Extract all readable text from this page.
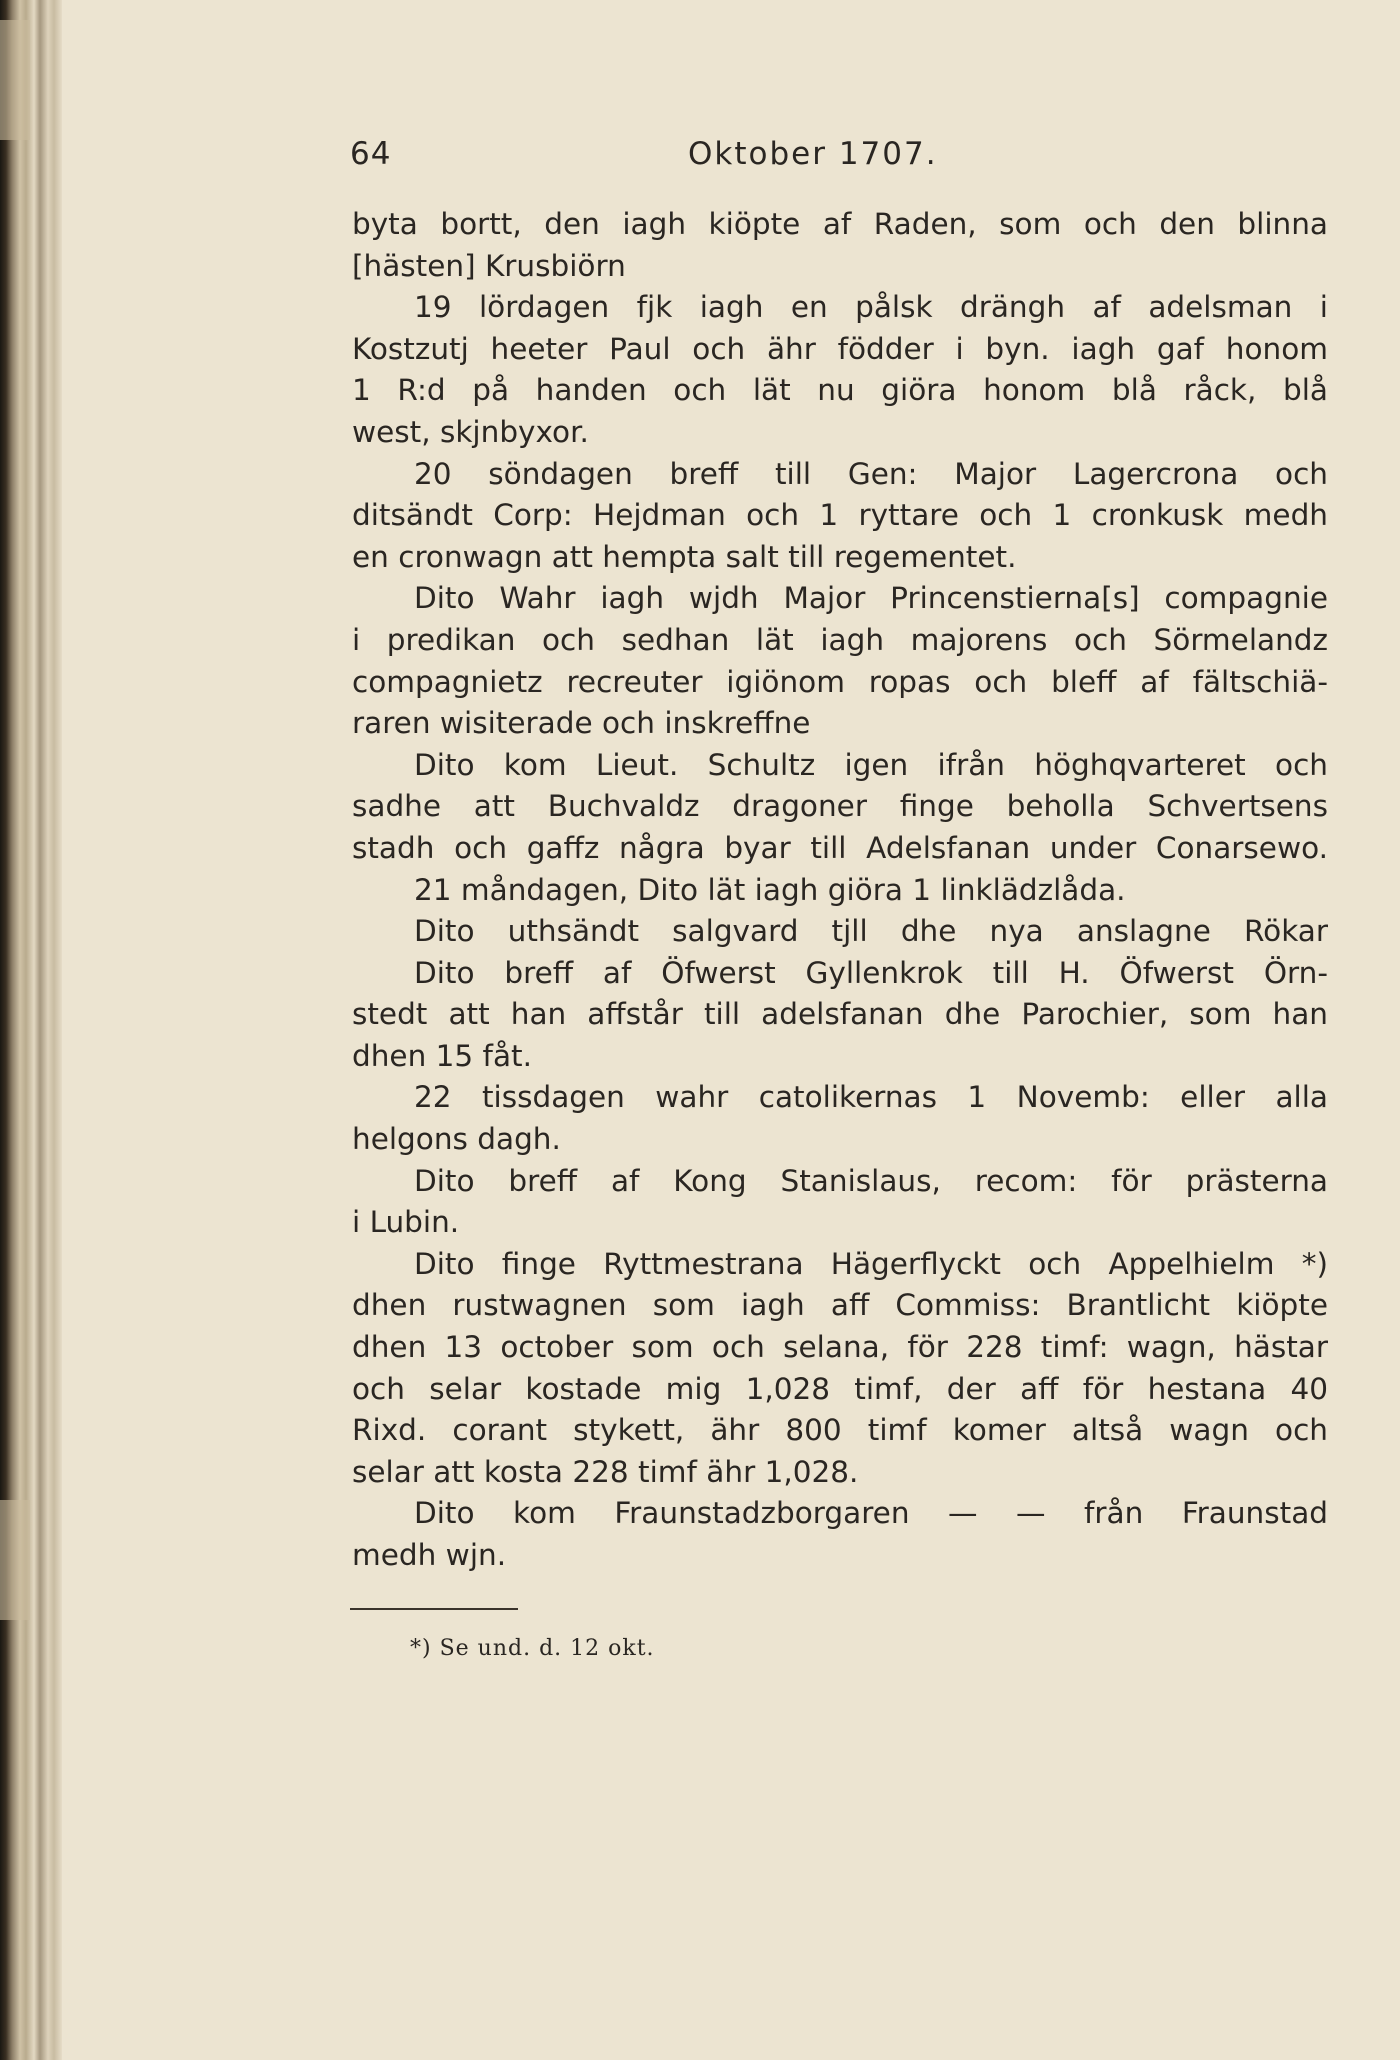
64	Oktober 1707.
byta bortt, den iagh kiöpte af Raden, som och den blinna
[hästen] Krusbiörn
19 lördagen fjk iagh en pålsk drängh af adelsman i
Kostzutj heeter Paul och ähr födder i byn. iagh gaf honom
1 R:d på handen och lät nu giöra honom blå råck, blå
west, skjnbyxor.
20 söndagen breff till Gen: Major Lagercrona och
ditsändt Corp: Hejdman och 1 ryttare och 1 cronkusk medh
en cronwagn att hempta salt till regementet.
Dito Wahr iagh wjdh Major Princenstierna[s] compagnie
i predikan och sedhan lät iagh majorens och Sörmelandz
compagnietz recreuter igiönom ropas och bleff af fältschiä-
raren wisiterade och inskreffne
Dito kom Lieut. Schultz igen ifrån höghqvarteret och
sadhe att Buchvaldz dragoner finge beholla Schvertsens
stadh och gaffz några byar till Adelsfanan under Conarsewo.
21 måndagen, Dito lät iagh giöra 1 linklädzlåda.
Dito uthsändt salgvard tjll dhe nya anslagne Rökar
Dito breff af Öfwerst Gyllenkrok till H. Öfwerst Örn-
stedt att han affstår till adelsfanan dhe Parochier, som han
dhen 15 fåt.
22 tissdagen wahr catolikernas 1 Novemb: eller alla
helgons dagh.
Dito breff af Kong Stanislaus, recom: för prästerna
i Lubin.
Dito finge Ryttmestrana Hägerflyckt och Appelhielm *)
dhen rustwagnen som iagh aff Commiss: Brantlicht kiöpte
dhen 13 october som och selana, för 228 timf: wagn, hästar
och selar kostade mig 1,028 timf, der aff för hestana 40
Rixd. corant stykett, ähr 800 timf komer altså wagn och
selar att kosta 228 timf ähr 1,028.
Dito kom Fraunstadzborgaren — — från Fraunstad
medh wjn.
*) Se und. d. 12 okt.
